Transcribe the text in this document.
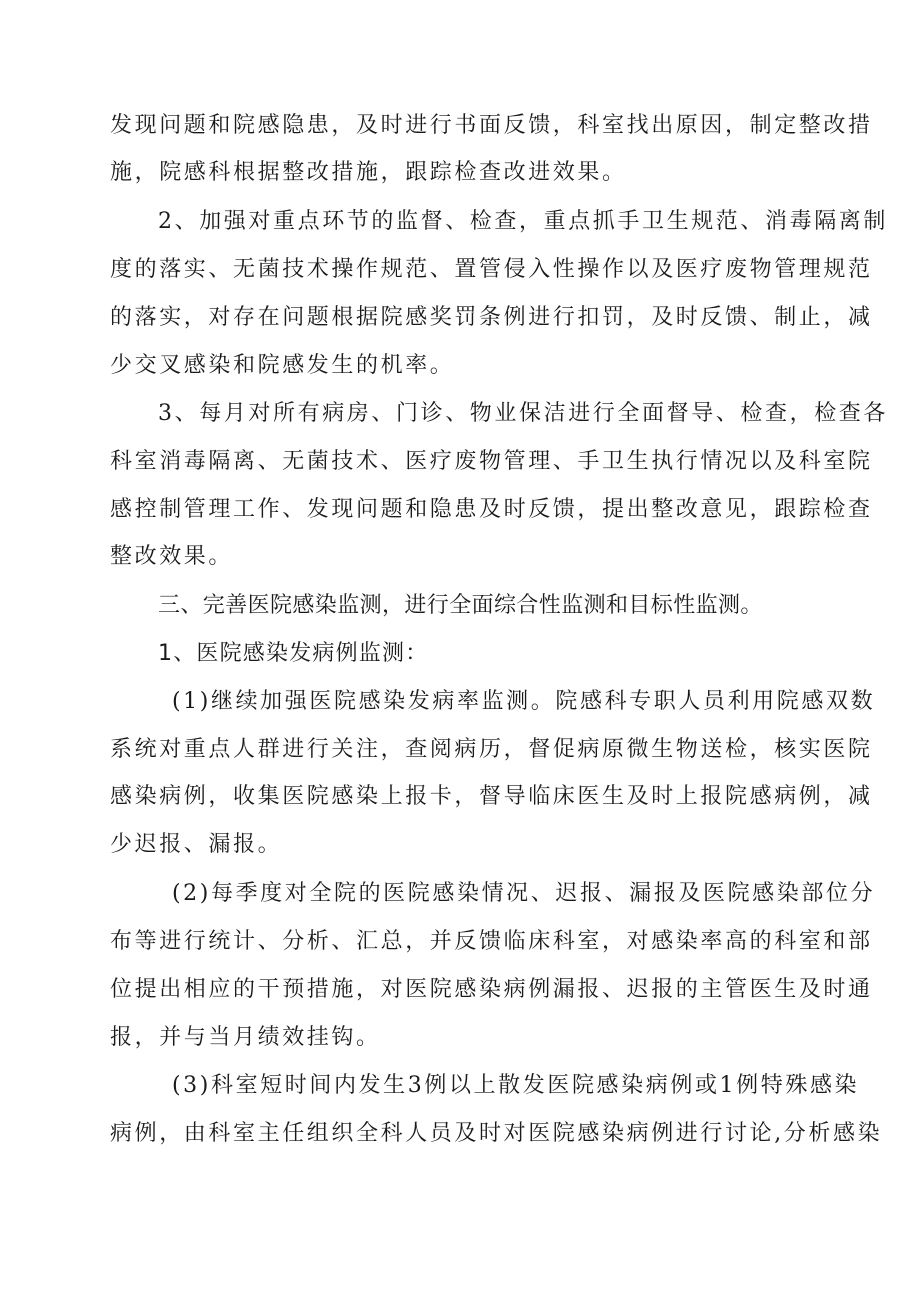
发现问题和院感隐患，及时进行书面反馈，科室找出原因，制定整改措
施，院感科根据整改措施，跟踪检查改进效果。
2、加强对重点环节的监督、检查，重点抓手卫生规范、消毒隔离制
度的落实、无菌技术操作规范、置管侵入性操作以及医疗废物管理规范
的落实，对存在问题根据院感奖罚条例进行扣罚，及时反馈、制止，减
少交叉感染和院感发生的机率。
3、每月对所有病房、门诊、物业保洁进行全面督导、检查，检查各
科室消毒隔离、无菌技术、医疗废物管理、手卫生执行情况以及科室院
感控制管理工作、发现问题和隐患及时反馈，提出整改意见，跟踪检查
整改效果。
三、完善医院感染监测，进行全面综合性监测和目标性监测。
1、医院感染发病例监测：
(1)继续加强医院感染发病率监测。院感科专职人员利用院感双数
系统对重点人群进行关注，查阅病历，督促病原微生物送检，核实医院
感染病例，收集医院感染上报卡，督导临床医生及时上报院感病例，减
少迟报、漏报。
(2)每季度对全院的医院感染情况、迟报、漏报及医院感染部位分
布等进行统计、分析、汇总，并反馈临床科室，对感染率高的科室和部
位提出相应的干预措施，对医院感染病例漏报、迟报的主管医生及时通
报，并与当月绩效挂钩。
(3)科室短时间内发生3例以上散发医院感染病例或1例特殊感染
病例，由科室主任组织全科人员及时对医院感染病例进行讨论,分析感染
